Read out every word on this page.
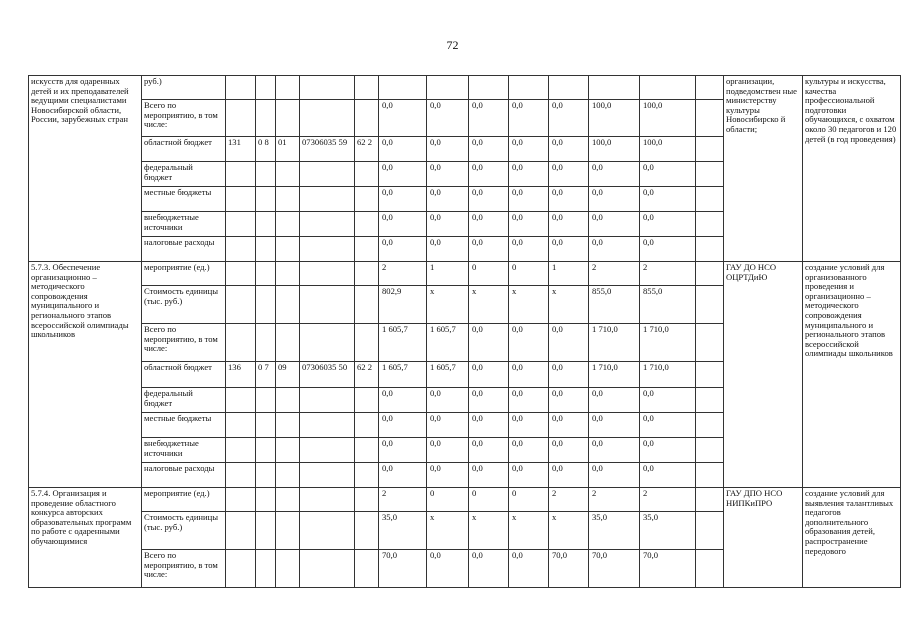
72
искусств для одаренных детей и их преподавателей ведущими специалистами Новосибирской области, России, зарубежных стран	руб.)														организации, подведомствен ные министерству культуры Новосибирско й области;	культуры и искусства, качества профессиональной подготовки обучающихся, с охватом около 30 педагогов и 120 детей (в год проведения)
	Всего по мероприятию, в том числе:						0,0	0,0	0,0	0,0	0,0	100,0	100,0			
	областной бюджет	131	0 8	01	07306035 59	62 2	0,0	0,0	0,0	0,0	0,0	100,0	100,0			
	федеральный бюджет						0,0	0,0	0,0	0,0	0,0	0,0	0,0			
	местные бюджеты						0,0	0,0	0,0	0,0	0,0	0,0	0,0			
	внебюджетные источники						0,0	0,0	0,0	0,0	0,0	0,0	0,0			
	налоговые расходы						0,0	0,0	0,0	0,0	0,0	0,0	0,0			
5.7.3. Обеспечение организационно – методического сопровождения муниципального и регионального этапов всероссийской олимпиады школьников	мероприятие (ед.)						2	1	0	0	1	2	2		ГАУ ДО НСО ОЦРТДиЮ	создание условий для организованного проведения и организационно – методического сопровождения муниципального и регионального этапов всероссийской олимпиады школьников
	Стоимость единицы (тыс. руб.)						802,9	x	x	x	x	855,0	855,0			
	Всего по мероприятию, в том числе:						1 605,7	1 605,7	0,0	0,0	0,0	1 710,0	1 710,0			
	областной бюджет	136	0 7	09	07306035 50	62 2	1 605,7	1 605,7	0,0	0,0	0,0	1 710,0	1 710,0			
	федеральный бюджет						0,0	0,0	0,0	0,0	0,0	0,0	0,0			
	местные бюджеты						0,0	0,0	0,0	0,0	0,0	0,0	0,0			
	внебюджетные источники						0,0	0,0	0,0	0,0	0,0	0,0	0,0			
	налоговые расходы						0,0	0,0	0,0	0,0	0,0	0,0	0,0			
5.7.4. Организация и проведение областного конкурса авторских образовательных программ по работе с одаренными обучающимися	мероприятие (ед.)						2	0	0	0	2	2	2		ГАУ ДПО НСО НИПКиПРО	создание условий для выявления талантливых педагогов дополнительного образования детей, распространение передового
	Стоимость единицы (тыс. руб.)						35,0	x	x	x	x	35,0	35,0			
	Всего по мероприятию, в том числе:						70,0	0,0	0,0	0,0	70,0	70,0	70,0			
